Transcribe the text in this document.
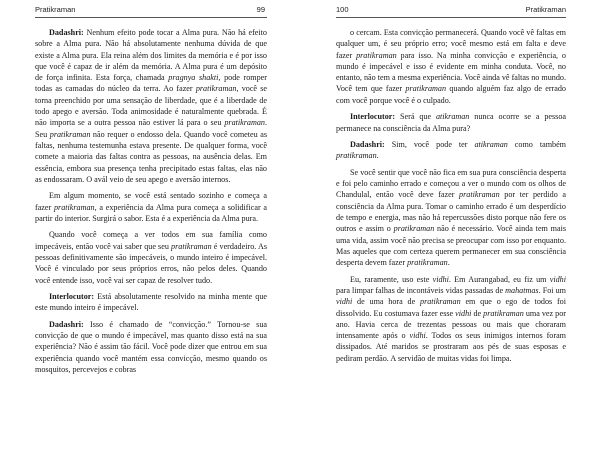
Pratikraman	99

Dadashri: Nenhum efeito pode tocar a Alma pura. Não há efeito sobre a Alma pura. Não há absolutamente nenhuma dúvida de que existe a Alma pura. Ela reina além dos limites da memória e é por isso que você é capaz de ir além da memória. A Alma pura é um depósito de força infinita. Esta força, chamada pragnya shakti, pode romper todas as camadas do núcleo da terra. Ao fazer pratikraman, você se torna preenchido por uma sensação de liberdade, que é a liberdade de todo apego e aversão. Toda animosidade é naturalmente quebrada. É não importa se a outra pessoa não estiver lá para o seu pratikraman. Seu pratikraman não requer o endosso dela. Quando você cometeu as faltas, nenhuma testemunha estava presente. De qualquer forma, você comete a maioria das faltas contra as pessoas, na ausência delas. Em essência, embora sua presença tenha precipitado estas faltas, elas não as endossaram. O avál veio de seu apego e aversão internos.

Em algum momento, se você está sentado sozinho e começa a fazer pratikraman, a experiência da Alma pura começa a solidificar a partir do interior. Surgirá o sabor. Esta é a experiência da Alma pura.

Quando você começa a ver todos em sua família como impecáveis, então você vai saber que seu pratikraman é verdadeiro. As pessoas definitivamente são impecáveis, o mundo inteiro é impecável. Você é vinculado por seus próprios erros, não pelos deles. Quando você entende isso, você vai ser capaz de resolver tudo.

Interlocutor: Está absolutamente resolvido na minha mente que este mundo inteiro é impecável.

Dadashri: Isso é chamado de “convicção.” Tornou-se sua convicção de que o mundo é impecável, mas quanto disso está na sua experiência? Não é assim tão fácil. Você pode dizer que entrou em sua experiência quando você mantém essa convicção, mesmo quando os mosquitos, percevejos e cobras

100	Pratikraman

o cercam. Esta convicção permanecerá. Quando você vê faltas em qualquer um, é seu próprio erro; você mesmo está em falta e deve fazer pratikraman para isso. Na minha convicção e experiência, o mundo é impecável e isso é evidente em minha conduta. Você, no entanto, não tem a mesma experiência. Você ainda vê faltas no mundo. Você tem que fazer pratikraman quando alguém faz algo de errado com você porque você é o culpado.

Interlocutor: Será que atikraman nunca ocorre se a pessoa permanece na consciência da Alma pura?

Dadashri: Sim, você pode ter atikraman como também pratikraman.

Se você sentir que você não fica em sua pura consciência desperta e foi pelo caminho errado e começou a ver o mundo com os olhos de Chandulal, então você deve fazer pratikraman por ter perdido a consciência da Alma pura. Tomar o caminho errado é um desperdício de tempo e energia, mas não há repercussões disto porque não fere os outros e assim o pratikraman não é necessário. Você ainda tem mais uma vida, assim você não precisa se preocupar com isso por enquanto. Mas aqueles que com certeza querem permanecer em sua consciência desperta devem fazer pratikraman.

Eu, raramente, uso este vidhi. Em Aurangabad, eu fiz um vidhi para limpar falhas de incontáveis vidas passadas de mahatmas. Foi um vidhi de uma hora de pratikraman em que o ego de todos foi dissolvido. Eu costumava fazer esse vidhi de pratikraman uma vez por ano. Havia cerca de trezentas pessoas ou mais que choraram intensamente após o vidhi. Todos os seus inimigos internos foram dissipados. Até maridos se prostraram aos pés de suas esposas e pediram perdão. A servidão de muitas vidas foi limpa.
